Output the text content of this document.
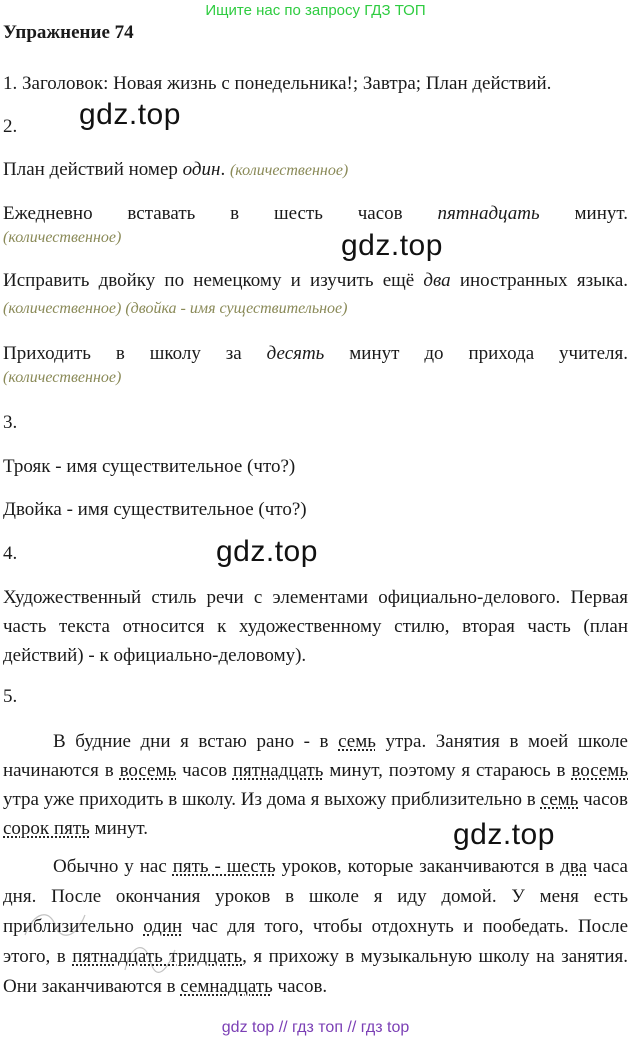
Ищите нас по запросу ГДЗ ТОП
Упражнение 74
1. Заголовок: Новая жизнь с понедельника!; Завтра; План действий.
2.	gdz.top
План действий номер один. (количественное)
Ежедневно вставать в шесть часов пятнадцать минут.
(количественное)	gdz.top
Исправить двойку по немецкому и изучить ещё два иностранных языка. (количественное) (двойка - имя существительное)
Приходить в школу за десять минут до прихода учителя.
(количественное)
3.
Трояк - имя существительное (что?)
Двойка - имя существительное (что?)
4.	gdz.top
Художественный стиль речи с элементами официально-делового. Первая часть текста относится к художественному стилю, вторая часть (план действий) - к официально-деловому).
5.
В будние дни я встаю рано - в семь утра. Занятия в моей школе начинаются в восемь часов пятнадцать минут, поэтому я стараюсь в восемь утра уже приходить в школу. Из дома я выхожу приблизительно в семь часов сорок пять минут.	gdz.top
Обычно у нас пять - шесть уроков, которые заканчиваются в два часа дня. После окончания уроков в школе я иду домой. У меня есть приблизительно один час для того, чтобы отдохнуть и пообедать. После этого, в пятнадцать тридцать, я прихожу в музыкальную школу на занятия. Они заканчиваются в семнадцать часов.
gdz top // гдз топ // гдз top
